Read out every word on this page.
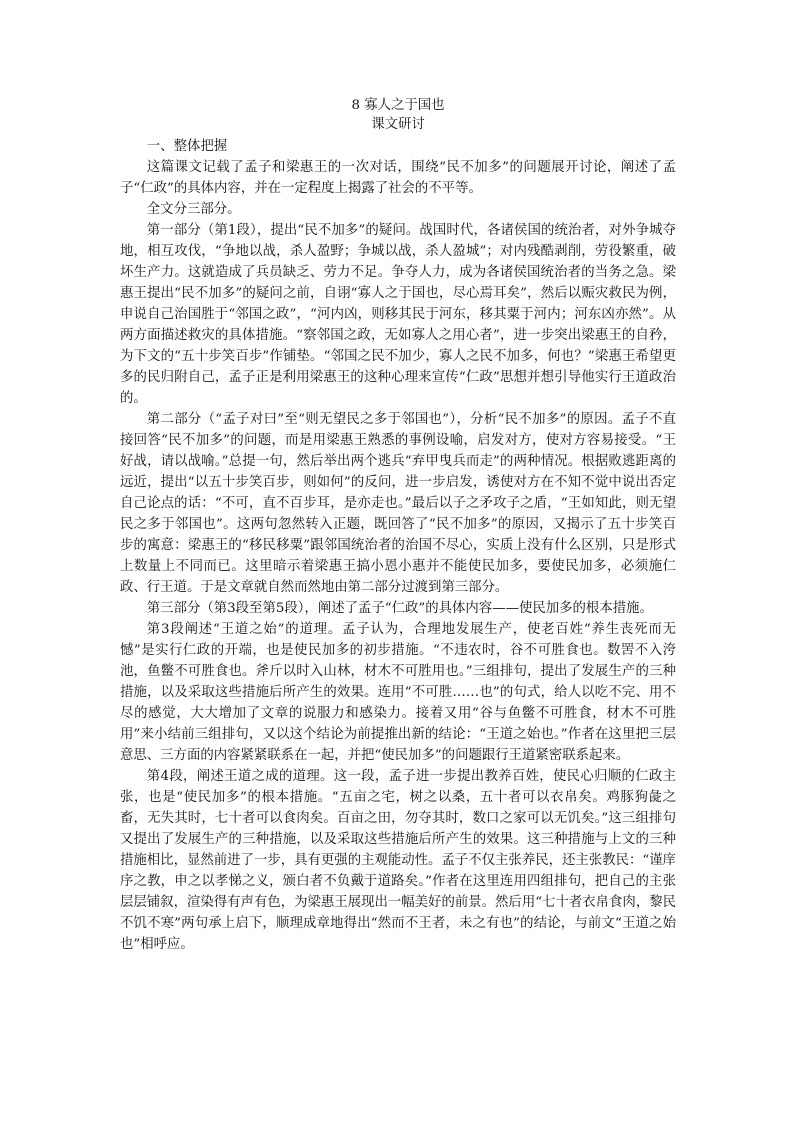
8 寡人之于国也
课文研讨

一、整体把握

这篇课文记载了孟子和梁惠王的一次对话，围绕“民不加多”的问题展开讨论，阐述了孟子“仁政”的具体内容，并在一定程度上揭露了社会的不平等。

全文分三部分。

第一部分（第1段），提出“民不加多”的疑问。战国时代，各诸侯国的统治者，对外争城夺地，相互攻伐，“争地以战，杀人盈野；争城以战，杀人盈城”；对内残酷剥削，劳役繁重，破坏生产力。这就造成了兵员缺乏、劳力不足。争夺人力，成为各诸侯国统治者的当务之急。梁惠王提出“民不加多”的疑问之前，自诩“寡人之于国也，尽心焉耳矣”，然后以赈灾救民为例，申说自己治国胜于“邻国之政”，“河内凶，则移其民于河东，移其粟于河内；河东凶亦然”。从两方面描述救灾的具体措施。“察邻国之政，无如寡人之用心者”，进一步突出梁惠王的自矜，为下文的“五十步笑百步”作铺垫。“邻国之民不加少，寡人之民不加多，何也？”梁惠王希望更多的民归附自己，孟子正是利用梁惠王的这种心理来宣传“仁政”思想并想引导他实行王道政治的。

第二部分（“孟子对曰”至“则无望民之多于邻国也”），分析“民不加多”的原因。孟子不直接回答“民不加多”的问题，而是用梁惠王熟悉的事例设喻，启发对方，使对方容易接受。“王好战，请以战喻。”总提一句，然后举出两个逃兵“弃甲曳兵而走”的两种情况。根据败逃距离的远近，提出“以五十步笑百步，则如何”的反问，进一步启发，诱使对方在不知不觉中说出否定自己论点的话：“不可，直不百步耳，是亦走也。”最后以子之矛攻子之盾，“王如知此，则无望民之多于邻国也”。这两句忽然转入正题，既回答了“民不加多”的原因，又揭示了五十步笑百步的寓意：梁惠王的“移民移粟”跟邻国统治者的治国不尽心，实质上没有什么区别，只是形式上数量上不同而已。这里暗示着梁惠王搞小恩小惠并不能使民加多，要使民加多，必须施仁政、行王道。于是文章就自然而然地由第二部分过渡到第三部分。

第三部分（第3段至第5段），阐述了孟子“仁政”的具体内容——使民加多的根本措施。

第3段阐述“王道之始”的道理。孟子认为，合理地发展生产，使老百姓“养生丧死而无憾”是实行仁政的开端，也是使民加多的初步措施。“不违农时，谷不可胜食也。数罟不入洿池，鱼鳖不可胜食也。斧斤以时入山林，材木不可胜用也。”三组排句，提出了发展生产的三种措施，以及采取这些措施后所产生的效果。连用“不可胜……也”的句式，给人以吃不完、用不尽的感觉，大大增加了文章的说服力和感染力。接着又用“谷与鱼鳖不可胜食，材木不可胜用”来小结前三组排句，又以这个结论为前提推出新的结论：“王道之始也。”作者在这里把三层意思、三方面的内容紧紧联系在一起，并把“使民加多”的问题跟行王道紧密联系起来。

第4段，阐述王道之成的道理。这一段，孟子进一步提出教养百姓，使民心归顺的仁政主张，也是“使民加多”的根本措施。“五亩之宅，树之以桑，五十者可以衣帛矣。鸡豚狗彘之畜，无失其时，七十者可以食肉矣。百亩之田，勿夺其时，数口之家可以无饥矣。”这三组排句又提出了发展生产的三种措施，以及采取这些措施后所产生的效果。这三种措施与上文的三种措施相比，显然前进了一步，具有更强的主观能动性。孟子不仅主张养民，还主张教民：“谨庠序之教，申之以孝悌之义，颁白者不负戴于道路矣。”作者在这里连用四组排句，把自己的主张层层铺叙，渲染得有声有色，为梁惠王展现出一幅美好的前景。然后用“七十者衣帛食肉，黎民不饥不寒”两句承上启下，顺理成章地得出“然而不王者，未之有也”的结论，与前文“王道之始也”相呼应。
